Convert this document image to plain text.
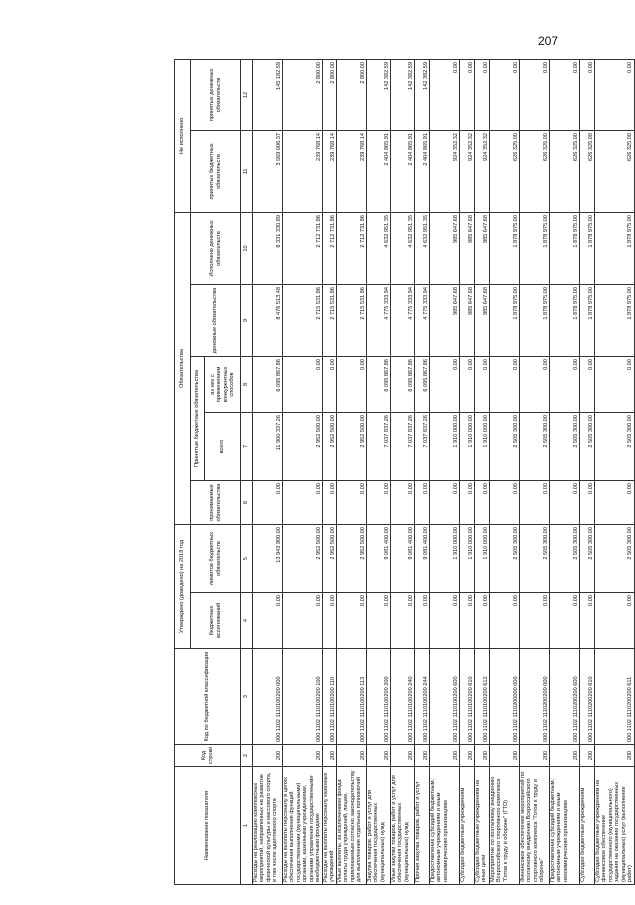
207
Наименование показателя	Код строки	Код по бюджетной классификации	Утверждено (доведено) на 2018 год		Обязательства					Не исполнено	
			бюджетных ассигнований	лимитов бюджетных обязательств	принимаемые обязательства	Принятые бюджетные обязательства		денежные обязательства	Исполнено денежных обязательств	принятых бюджетных обязательств	принятых денежных обязательств
						всего	из них с применением конкурентных способов				
1	2	3	4	5	6	7	8	9	10	11	12
Расходы на реализацию комплексных мероприятий, направленных на развитие физической культуры и массового спорта, в том числе адаптивного спорта	200	000 1102 1110100200 000	0.00	13 943 900.00	0.00	11 900 337.26	6 095 867.86	8 476 513.48	8 331 330.89	3 569 006.37	145 182.59
Расходы на выплаты персоналу в целях обеспечения выполнения функций государственными (муниципальными) органами, казенными учреждениями, органами управления государственными внебюджетными фондами	200	000 1102 1110100200 100	0.00	2 952 500.00	0.00	2 952 500.00	0.00	2 715 531.86	2 712 731.86	239 768.14	2 800.00
Расходы на выплаты персоналу казенных учреждений	200	000 1102 1110100200 110	0.00	2 952 500.00	0.00	2 952 500.00	0.00	2 715 531.86	2 712 731.86	239 768.14	2 800.00
Иные выплаты, за исключением фонда оплаты труда учреждений, лицам, привлекаемым согласно законодательству для выполнения отдельных полномочий	200	000 1102 1110100200 113	0.00	2 952 500.00	0.00	2 952 500.00	0.00	2 715 531.86	2 712 731.86	239 768.14	2 800.00
Закупка товаров, работ и услуг для обеспечения государственных (муниципальных) нужд	200	000 1102 1110100200 200	0.00	9 081 400.00	0.00	7 037 837.26	6 095 867.86	4 775 333.94	4 632 951.35	2 404 865.91	142 382.59
Иные закупки товаров, работ и услуг для обеспечения государственных (муниципальных) нужд	200	000 1102 1110100200 240	0.00	9 081 400.00	0.00	7 037 837.26	6 095 867.86	4 775 333.94	4 632 951.35	2 404 865.91	142 382.59
Прочая закупка товаров, работ и услуг	200	000 1102 1110100200 244	0.00	9 081 400.00	0.00	7 037 837.26	6 095 867.86	4 775 333.94	4 632 951.35	2 404 865.91	142 382.59
Предоставление субсидий бюджетным, автономным учреждениям и иным некоммерческим организациям	200	000 1102 1110100200 600	0.00	1 910 000.00	0.00	1 910 000.00	0.00	985 647.68	985 647.68	924 352.32	0.00
Субсидии бюджетным учреждениям	200	000 1102 1110100200 610	0.00	1 910 000.00	0.00	1 910 000.00	0.00	985 647.68	985 647.68	924 352.32	0.00
Субсидии бюджетным учреждениям на иные цели	200	000 1102 1110100200 612	0.00	1 910 000.00	0.00	1 910 000.00	0.00	985 647.68	985 647.68	924 352.32	0.00
Мероприятие по поэтапному внедрению Всероссийского спортивного комплекса "Готов к труду и обороне" (ГТО)	200	000 1102 1110200000 000	0.00	2 505 300.00	0.00	2 505 300.00	0.00	1 878 975.00	1 878 975.00	626 325.00	0.00
Финансовое обеспечение мероприятий по поэтапному внедрению Всероссийского спортивного комплекса "Готов к труду и обороне"	200	000 1102 1110200200 000	0.00	2 505 300.00	0.00	2 505 300.00	0.00	1 878 975.00	1 878 975.00	626 325.00	0.00
Предоставление субсидий бюджетным, автономным учреждениям и иным некоммерческим организациям	200	000 1102 1110200200 600	0.00	2 505 300.00	0.00	2 505 300.00	0.00	1 878 975.00	1 878 975.00	626 325.00	0.00
Субсидии бюджетным учреждениям	200	000 1102 1110200200 610	0.00	2 505 300.00	0.00	2 505 300.00	0.00	1 878 975.00	1 878 975.00	626 325.00	0.00
Субсидии бюджетным учреждениям на финансовое обеспечение государственного (муниципального) задания на оказание государственных (муниципальных) услуг (выполнение работ)	200	000 1102 1110200200 611	0.00	2 505 300.00	0.00	2 505 300.00	0.00	1 878 975.00	1 878 975.00	626 325.00	0.00
